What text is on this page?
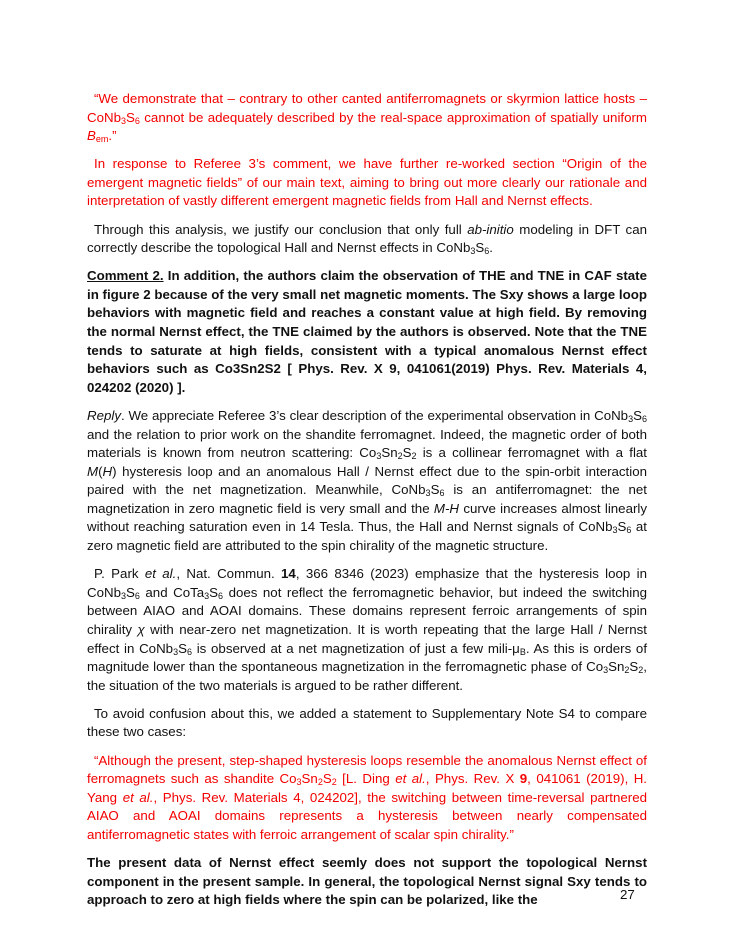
“We demonstrate that – contrary to other canted antiferromagnets or skyrmion lattice hosts – $CoNb_3S_6$ cannot be adequately described by the real-space approximation of spatially uniform $B_{em}$.”

In response to Referee 3’s comment, we have further re-worked section “Origin of the emergent magnetic fields” of our main text, aiming to bring out more clearly our rationale and interpretation of vastly different emergent magnetic fields from Hall and Nernst effects.

Through this analysis, we justify our conclusion that only full ab-initio modeling in DFT can correctly describe the topological Hall and Nernst effects in $CoNb_3S_6$.

Comment 2. In addition, the authors claim the observation of THE and TNE in CAF state in figure 2 because of the very small net magnetic moments. The Sxy shows a large loop behaviors with magnetic field and reaches a constant value at high field. By removing the normal Nernst effect, the TNE claimed by the authors is observed. Note that the TNE tends to saturate at high fields, consistent with a typical anomalous Nernst effect behaviors such as Co3Sn2S2 [ Phys. Rev. X 9, 041061(2019) Phys. Rev. Materials 4, 024202 (2020) ].

Reply. We appreciate Referee 3’s clear description of the experimental observation in $CoNb_3S_6$ and the relation to prior work on the shandite ferromagnet. Indeed, the magnetic order of both materials is known from neutron scattering: $Co_3Sn_2S_2$ is a collinear ferromagnet with a flat M(H) hysteresis loop and an anomalous Hall / Nernst effect due to the spin-orbit interaction paired with the net magnetization. Meanwhile, $CoNb_3S_6$ is an antiferromagnet: the net magnetization in zero magnetic field is very small and the M-H curve increases almost linearly without reaching saturation even in 14 Tesla. Thus, the Hall and Nernst signals of $CoNb_3S_6$ at zero magnetic field are attributed to the spin chirality of the magnetic structure.

P. Park et al., Nat. Commun. 14, 366 8346 (2023) emphasize that the hysteresis loop in $CoNb_3S_6$ and $CoTa_3S_6$ does not reflect the ferromagnetic behavior, but indeed the switching between AIAO and AOAI domains. These domains represent ferroic arrangements of spin chirality χ with near-zero net magnetization. It is worth repeating that the large Hall / Nernst effect in $CoNb_3S_6$ is observed at a net magnetization of just a few mili-$\mu_B$. As this is orders of magnitude lower than the spontaneous magnetization in the ferromagnetic phase of $Co_3Sn_2S_2$, the situation of the two materials is argued to be rather different.

To avoid confusion about this, we added a statement to Supplementary Note S4 to compare these two cases:

“Although the present, step-shaped hysteresis loops resemble the anomalous Nernst effect of ferromagnets such as shandite $Co_3Sn_2S_2$ [L. Ding et al., Phys. Rev. X 9, 041061 (2019), H. Yang et al., Phys. Rev. Materials 4, 024202], the switching between time-reversal partnered AIAO and AOAI domains represents a hysteresis between nearly compensated antiferromagnetic states with ferroic arrangement of scalar spin chirality.”

The present data of Nernst effect seemly does not support the topological Nernst component in the present sample. In general, the topological Nernst signal Sxy tends to approach to zero at high fields where the spin can be polarized, like the	27
